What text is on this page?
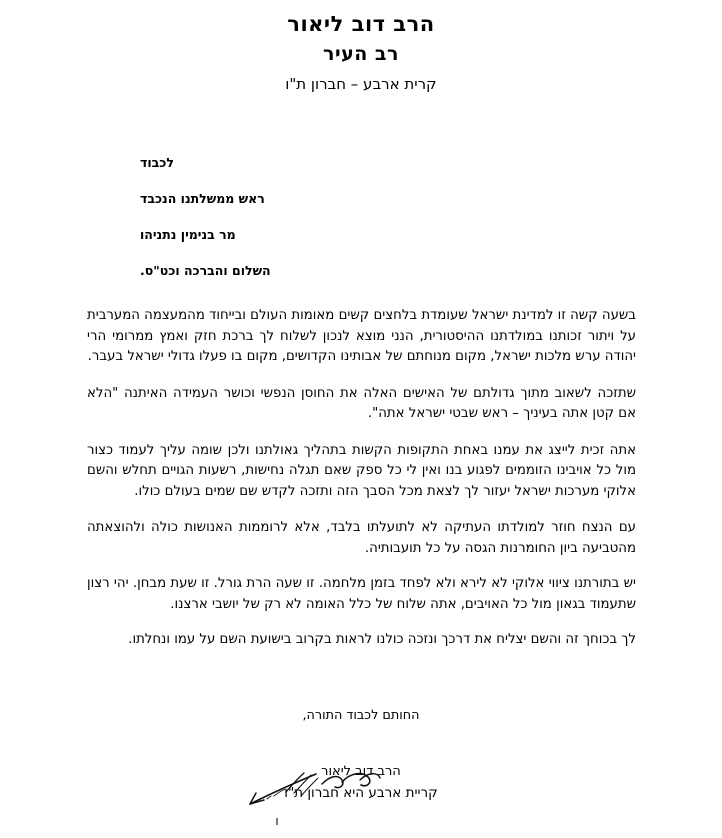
הרב דוב ליאור
רב העיר
קרית ארבע – חברון ת"ו
לכבוד
ראש ממשלתנו הנכבד
מר בנימין נתניהו
השלום והברכה וכט"ס.

בשעה קשה זו למדינת ישראל שעומדת בלחצים קשים מאומות העולם ובייחוד מהמעצמה המערבית על ויתור זכותנו במולדתנו ההיסטורית, הנני מוצא לנכון לשלוח לך ברכת חזק ואמץ ממרומי הרי יהודה ערש מלכות ישראל, מקום מנוחתם של אבותינו הקדושים, מקום בו פעלו גדולי ישראל בעבר.

שתזכה לשאוב מתוך גדולתם של האישים האלה את החוסן הנפשי וכושר העמידה האיתנה "הלא אם קטן אתה בעיניך – ראש שבטי ישראל אתה".

אתה זכית לייצג את עמנו באחת התקופות הקשות בתהליך גאולתנו ולכן שומה עליך לעמוד כצור מול כל אויבינו הזוממים לפגוע בנו ואין לי כל ספק שאם תגלה נחישות, רשעות הגויים תחלש והשם אלוקי מערכות ישראל יעזור לך לצאת מכל הסבך הזה ותזכה לקדש שם שמים בעולם כולו.

עם הנצח חוזר למולדתו העתיקה לא לתועלתו בלבד, אלא לרוממות האנושות כולה ולהוצאתה מהטביעה ביון החומרנות הגסה על כל תועבותיה.

יש בתורתנו ציווי אלוקי לא לירא ולא לפחד בזמן מלחמה. זו שעה הרת גורל. זו שעת מבחן. יהי רצון שתעמוד בגאון מול כל האויבים, אתה שלוח של כלל האומה לא רק של יושבי ארצנו.

לך בכוחך זה והשם יצליח את דרכך ונזכה כולנו לראות בקרוב בישועת השם על עמו ונחלתו.

החותם לכבוד התורה,
הרב דוב ליאור
קריית ארבע היא חברון ת"ו
